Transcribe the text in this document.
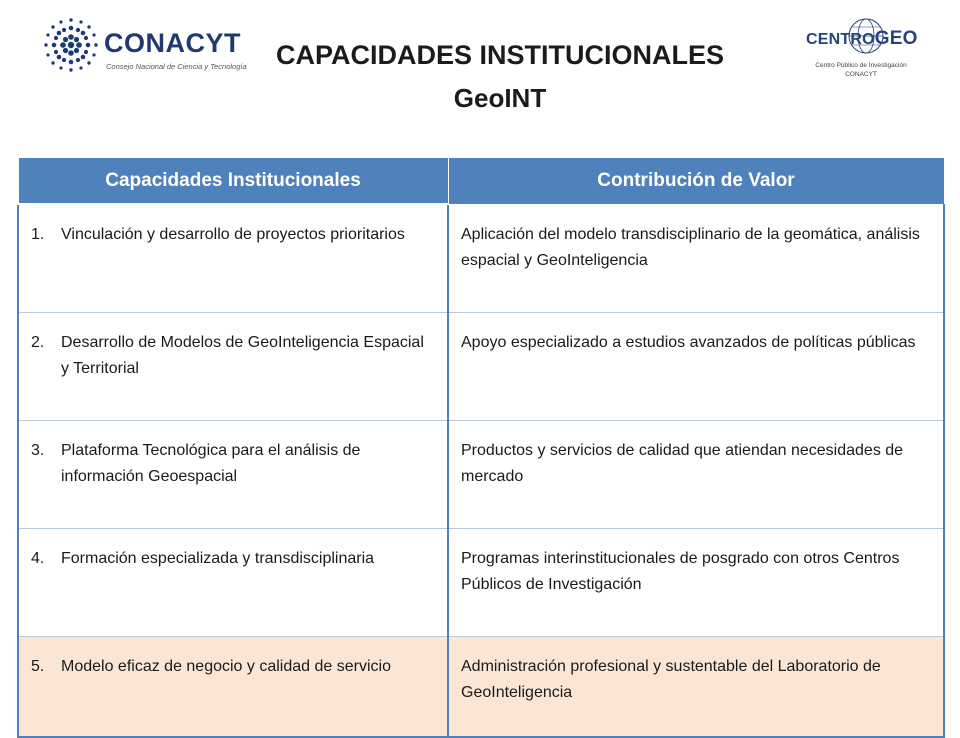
CONACYT
Consejo Nacional de Ciencia y Tecnología
CENTROGEO
Centro Público de Investigación
CONACYT
CAPACIDADES INSTITUCIONALES
GeoINT
Capacidades Institucionales	Contribución de Valor

1. Vinculación y desarrollo de proyectos prioritarios	Aplicación del modelo transdisciplinario de la geomática, análisis espacial y GeoInteligencia

2. Desarrollo de Modelos de GeoInteligencia Espacial y Territorial	Apoyo especializado a estudios avanzados de políticas públicas

3. Plataforma Tecnológica para el análisis de información Geoespacial	Productos y servicios de calidad que atiendan necesidades de mercado

4. Formación especializada y transdisciplinaria	Programas interinstitucionales de posgrado con otros Centros Públicos de Investigación

5. Modelo eficaz de negocio y calidad de servicio	Administración profesional y sustentable del Laboratorio de GeoInteligencia
